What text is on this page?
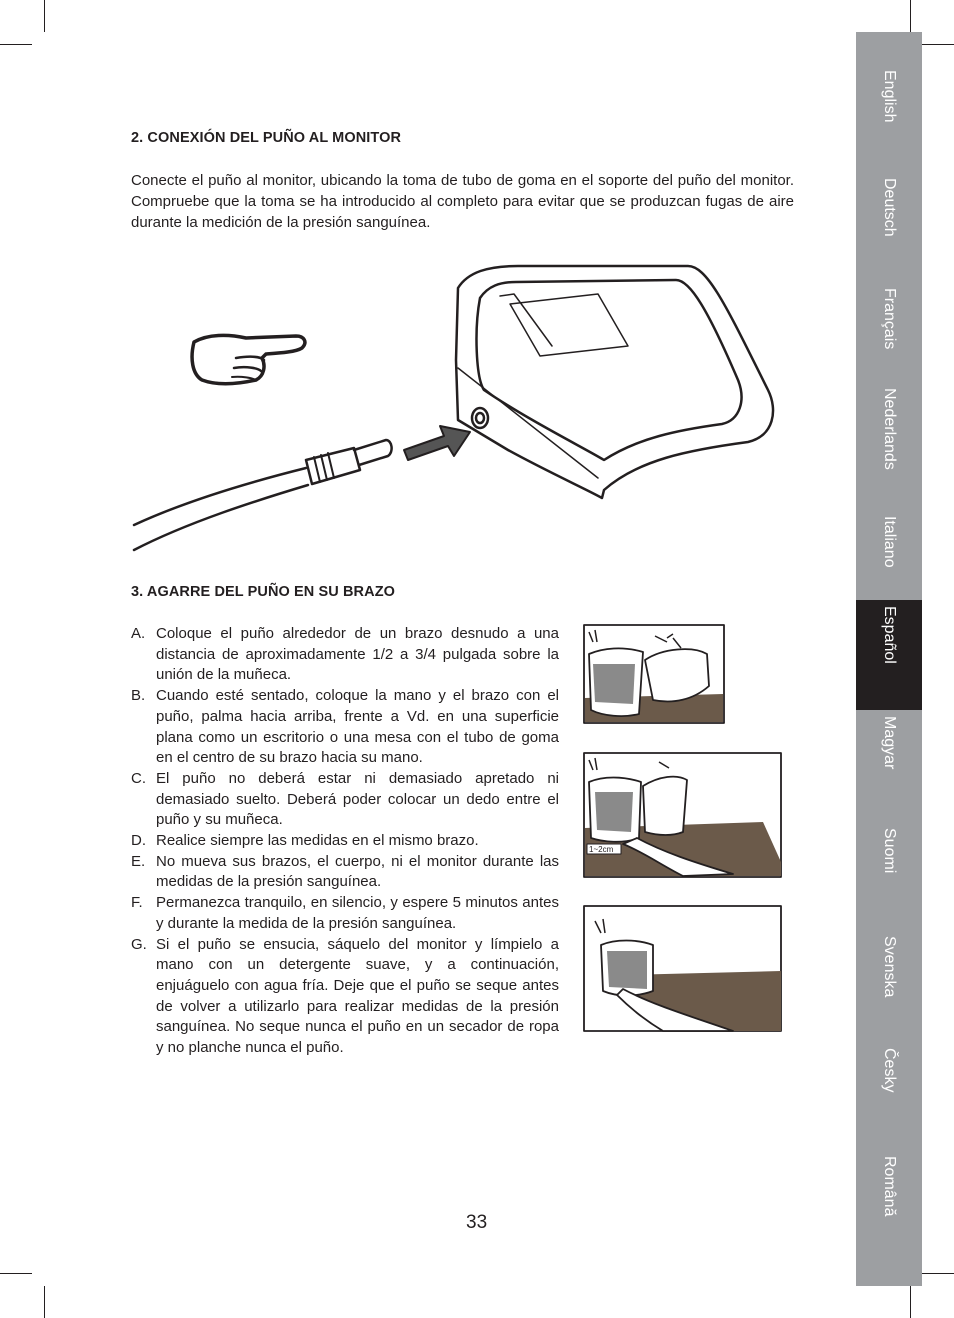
2. CONEXIÓN DEL PUÑO AL MONITOR

Conecte el puño al monitor, ubicando la toma de tubo de goma en el soporte del puño del monitor. Compruebe que la toma se ha introducido al completo para evitar que se produzcan fugas de aire durante la medición de la presión sanguínea.

3. AGARRE DEL PUÑO EN SU BRAZO
A. Coloque el puño alrededor de un brazo desnudo a una distancia de aproximadamente 1/2 a 3/4 pulgada sobre la unión de la muñeca.
B. Cuando esté sentado, coloque la mano y el brazo con el puño, palma hacia arriba, frente a Vd. en una superficie plana como un escritorio o una mesa con el tubo de goma en el centro de su brazo hacia su mano.
C. El puño no deberá estar ni demasiado apretado ni demasiado suelto. Deberá poder colocar un dedo entre el puño y su muñeca.
D. Realice siempre las medidas en el mismo brazo.
E. No mueva sus brazos, el cuerpo, ni el monitor durante las medidas de la presión sanguínea.
F. Permanezca tranquilo, en silencio, y espere 5 minutos antes y durante la medida de la presión sanguínea.
G. Si el puño se ensucia, sáquelo del monitor y límpielo a mano con un detergente suave, y a continuación, enjuáguelo con agua fría. Deje que el puño se seque antes de volver a utilizarlo para realizar medidas de la presión sanguínea. No seque nunca el puño en un secador de ropa y no planche nunca el puño.
1~2cm
English
Deutsch
Français
Nederlands
Italiano
Español
Magyar
Suomi
Svenska
Česky
Română
33
